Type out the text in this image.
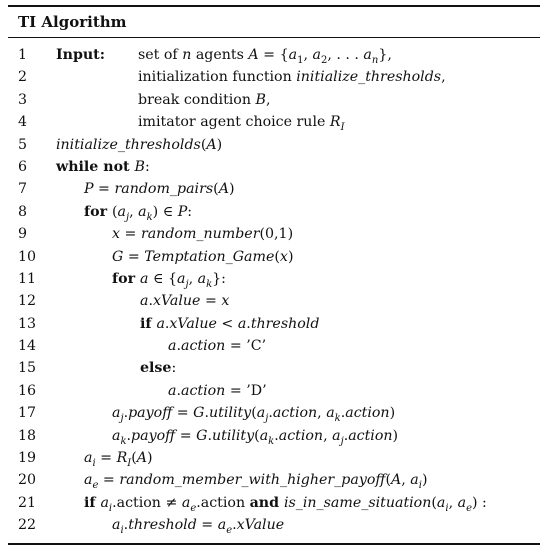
TI Algorithm
1	Input: set of n agents $A = \{a_1$, $a_2$, . . . $a_n$},
2	initialization function initialize_thresholds,
3	break condition B,
4	imitator agent choice rule $R_I$
5	initialize_thresholds(A)
6	while not B:
7	P = random_pairs(A)
8	for ($a_j$, $a_k$) ∈ P:
9	x = random_number(0,1)
10	G = Temptation_Game(x)
11	for a ∈ {$a_j$, $a_k$}:
12	a.xValue = x
13	if a.xValue < a.threshold
14	a.action = ’C’
15	else:
16	a.action = ’D’
17	$a_j.payoff$ = $G.utility(a_j.action$, $a_k.action$)
18	$a_k.payoff$ = $G.utility(a_k.action$, $a_j.action$)
19	$a_i = R_I(A)$
20	$a_e$ = random_member_with_higher_payoff(A, $a_i$)
21	if $a_i.action$ ≠ $a_e.action$ and $is\_in\_same\_situation(a_i$, $a_e$) :
22	$a_i.threshold$ = $a_e.xValue$
